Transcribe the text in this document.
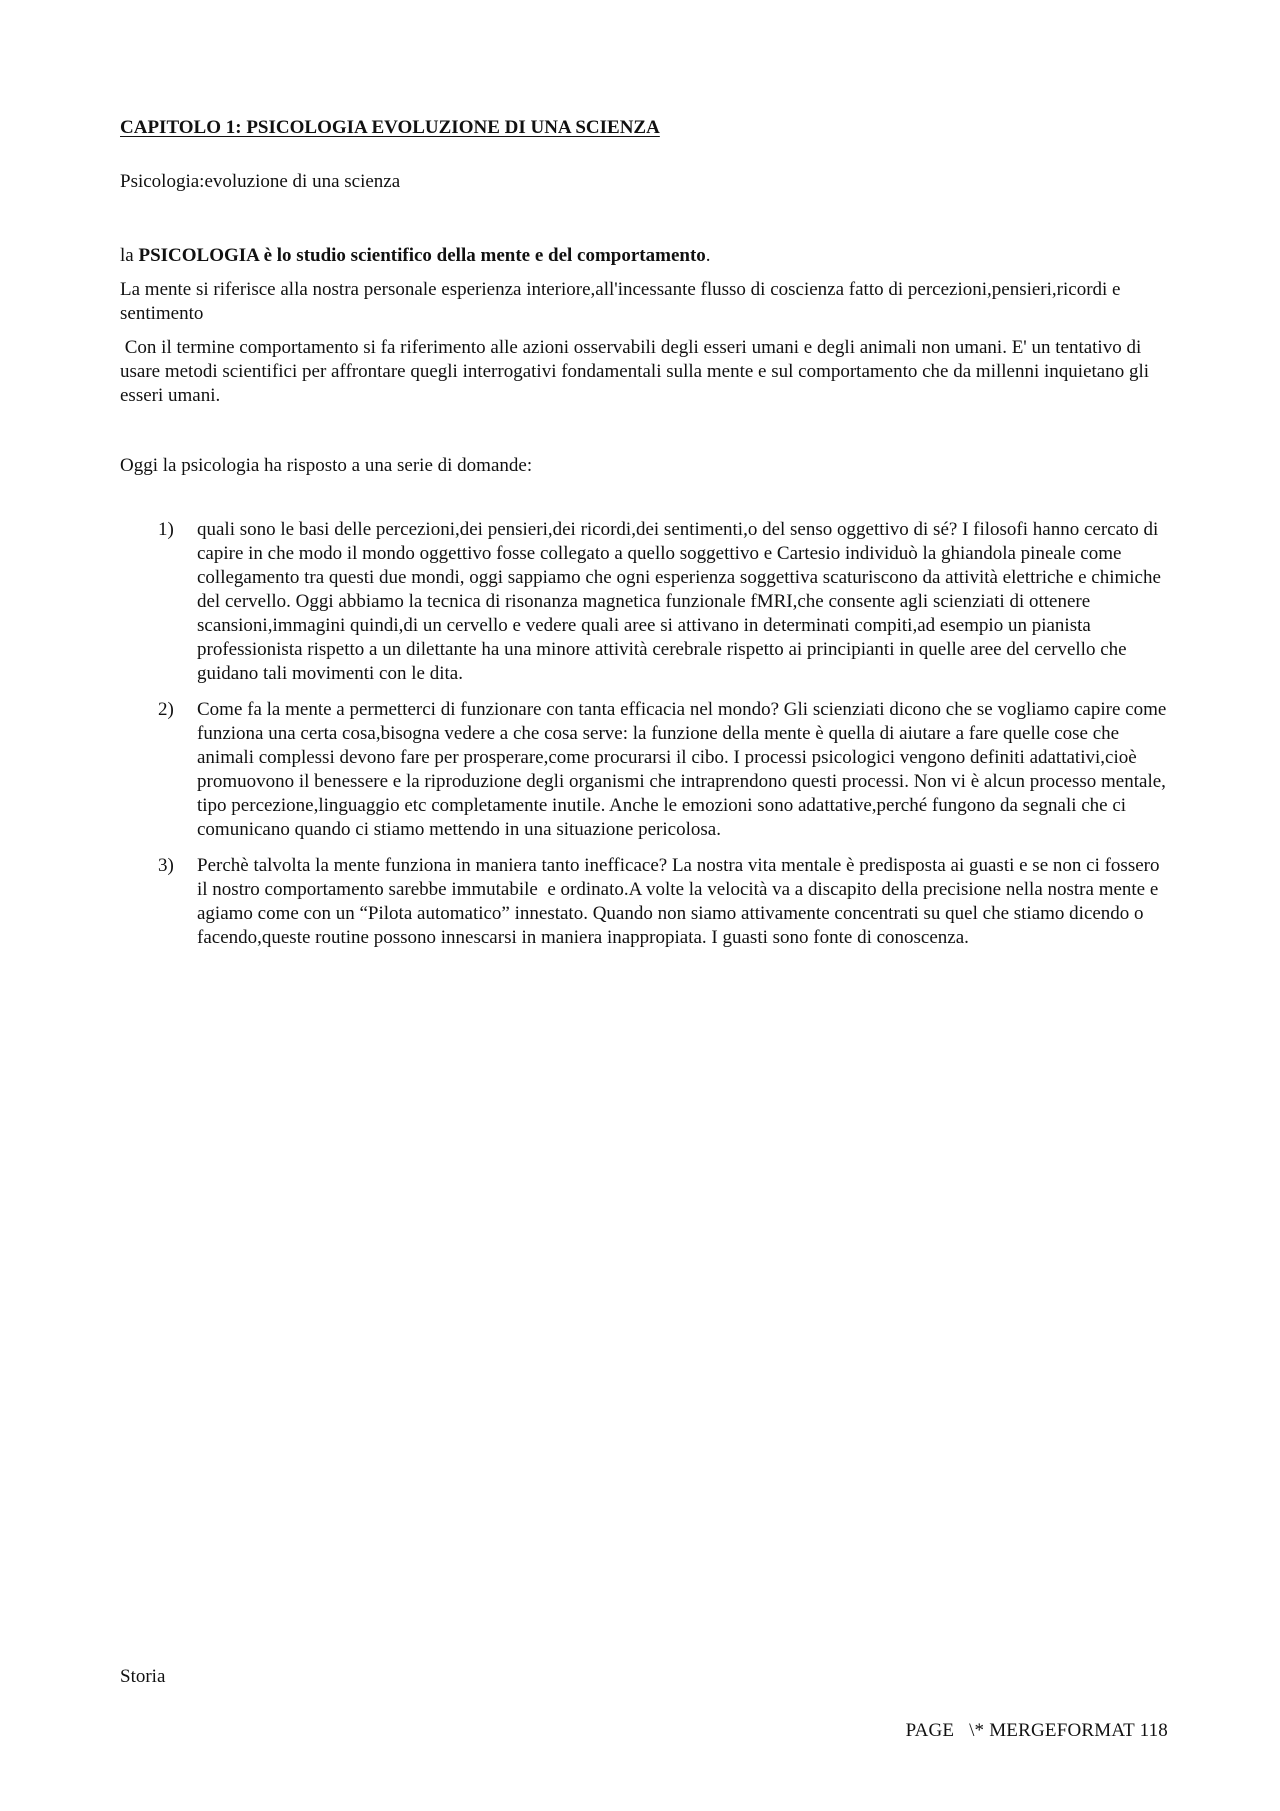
CAPITOLO 1: PSICOLOGIA EVOLUZIONE DI UNA SCIENZA
Psicologia:evoluzione di una scienza
la PSICOLOGIA è lo studio scientifico della mente e del comportamento.
La mente si riferisce alla nostra personale esperienza interiore,all'incessante flusso di coscienza fatto di percezioni,pensieri,ricordi e sentimento
Con il termine comportamento si fa riferimento alle azioni osservabili degli esseri umani e degli animali non umani. E' un tentativo di usare metodi scientifici per affrontare quegli interrogativi fondamentali sulla mente e sul comportamento che da millenni inquietano gli esseri umani.
Oggi la psicologia ha risposto a una serie di domande:
1) quali sono le basi delle percezioni,dei pensieri,dei ricordi,dei sentimenti,o del senso oggettivo di sé? I filosofi hanno cercato di capire in che modo il mondo oggettivo fosse collegato a quello soggettivo e Cartesio individuò la ghiandola pineale come collegamento tra questi due mondi, oggi sappiamo che ogni esperienza soggettiva scaturiscono da attività elettriche e chimiche del cervello. Oggi abbiamo la tecnica di risonanza magnetica funzionale fMRI,che consente agli scienziati di ottenere scansioni,immagini quindi,di un cervello e vedere quali aree si attivano in determinati compiti,ad esempio un pianista professionista rispetto a un dilettante ha una minore attività cerebrale rispetto ai principianti in quelle aree del cervello che guidano tali movimenti con le dita.
2) Come fa la mente a permetterci di funzionare con tanta efficacia nel mondo? Gli scienziati dicono che se vogliamo capire come funziona una certa cosa,bisogna vedere a che cosa serve: la funzione della mente è quella di aiutare a fare quelle cose che animali complessi devono fare per prosperare,come procurarsi il cibo. I processi psicologici vengono definiti adattativi,cioè promuovono il benessere e la riproduzione degli organismi che intraprendono questi processi. Non vi è alcun processo mentale, tipo percezione,linguaggio etc completamente inutile. Anche le emozioni sono adattative,perché fungono da segnali che ci comunicano quando ci stiamo mettendo in una situazione pericolosa.
3) Perchè talvolta la mente funziona in maniera tanto inefficace? La nostra vita mentale è predisposta ai guasti e se non ci fossero il nostro comportamento sarebbe immutabile  e ordinato.A volte la velocità va a discapito della precisione nella nostra mente e agiamo come con un “Pilota automatico” innestato. Quando non siamo attivamente concentrati su quel che stiamo dicendo o facendo,queste routine possono innescarsi in maniera inappropiata. I guasti sono fonte di conoscenza.
Storia
PAGE   \* MERGEFORMAT 118
